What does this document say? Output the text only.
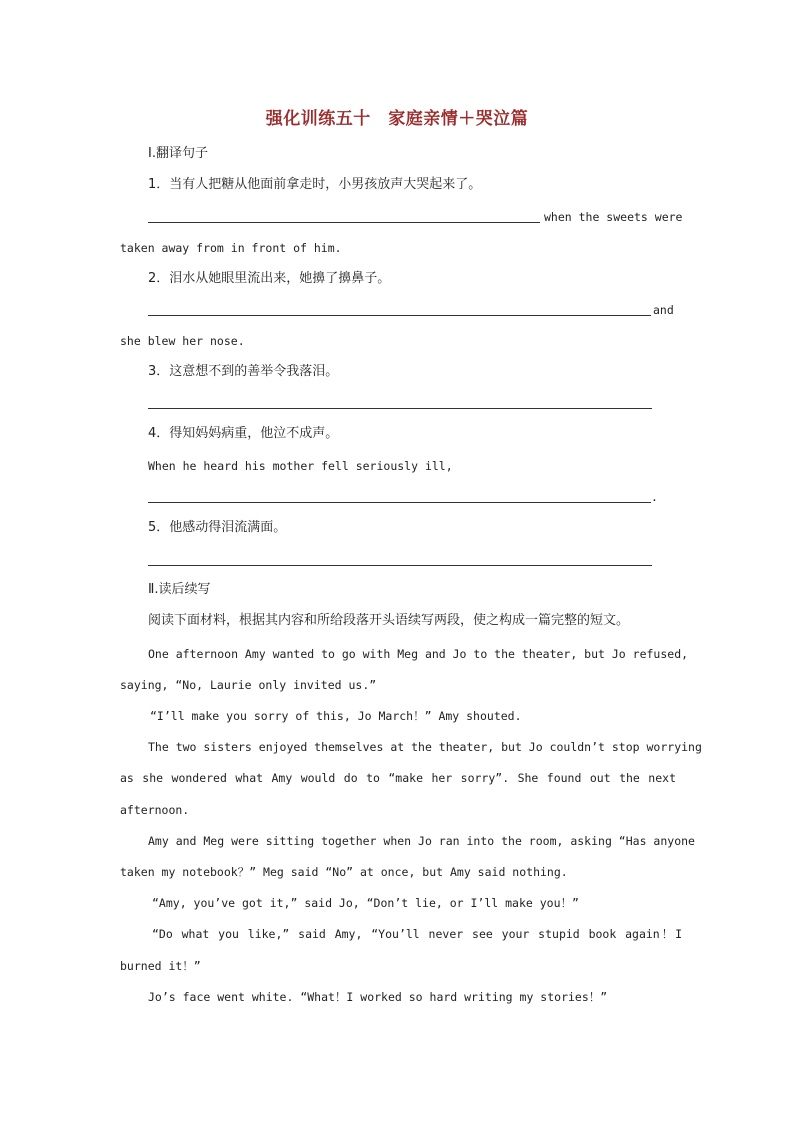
强化训练五十　家庭亲情＋哭泣篇
Ⅰ.翻译句子
1．当有人把糖从他面前拿走时，小男孩放声大哭起来了。
when the sweets were
taken away from in front of him.
2．泪水从她眼里流出来，她擤了擤鼻子。
and
she blew her nose.
3．这意想不到的善举令我落泪。
4．得知妈妈病重，他泣不成声。
When he heard his mother fell seriously ill,
.
5．他感动得泪流满面。
Ⅱ.读后续写
阅读下面材料，根据其内容和所给段落开头语续写两段，使之构成一篇完整的短文。
One afternoon Amy wanted to go with Meg and Jo to the theater, but Jo refused,
saying, “No, Laurie only invited us.”
“I’ll make you sorry of this, Jo March！” Amy shouted.
The two sisters enjoyed themselves at the theater, but Jo couldn’t stop worrying
as she wondered what Amy would do to “make her sorry”. She found out the next
afternoon.
Amy and Meg were sitting together when Jo ran into the room, asking “Has anyone
taken my notebook？” Meg said “No” at once, but Amy said nothing.
“Amy, you’ve got it,” said Jo, “Don’t lie, or I’ll make you！”
“Do what you like,” said Amy, “You’ll never see your stupid book again！I
burned it！”
Jo’s face went white. “What！I worked so hard writing my stories！”
